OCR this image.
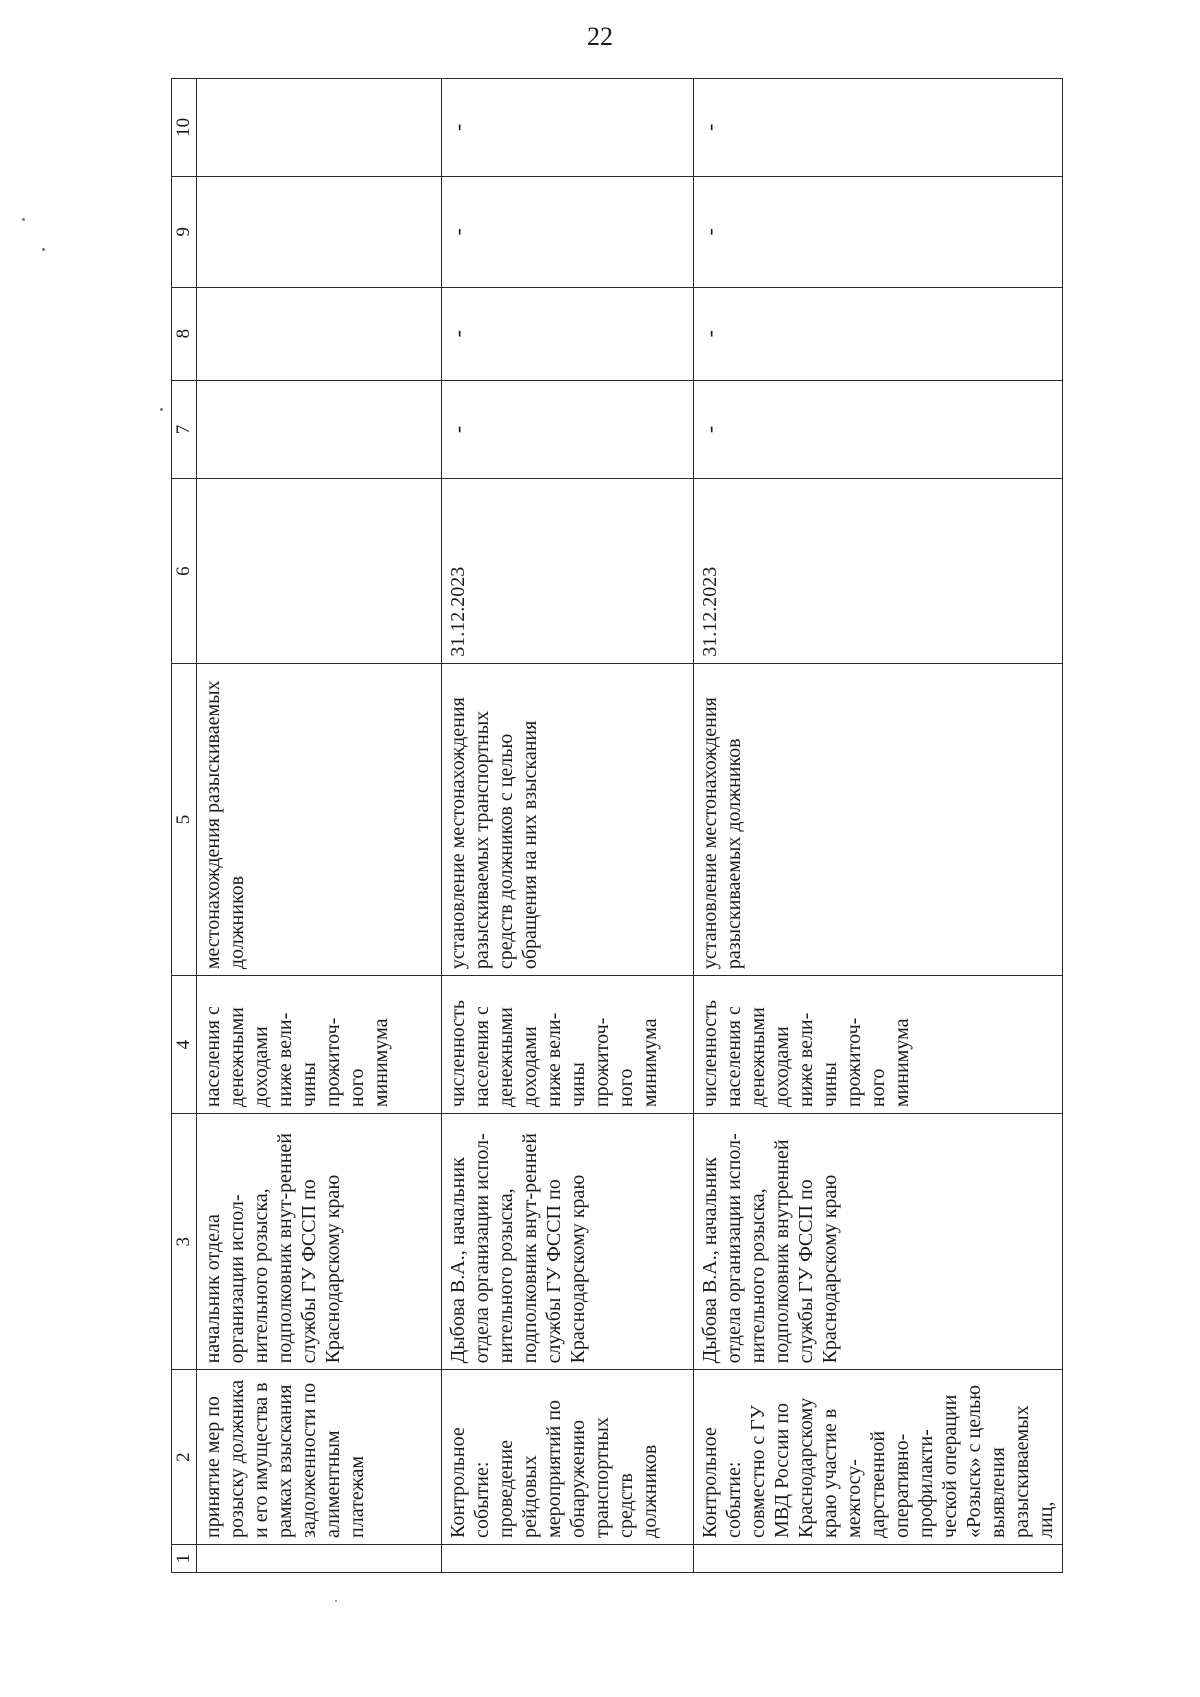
22
1	2	3	4	5	6	7	8	9	10
	принятие мер по розыску должника и его имущества в рамках взыскания задолженности по алиментным платежам	начальник отдела организации испол-нительного розыска, подполковник внут-ренней службы ГУ ФССП по Краснодарскому краю	населения с денежными доходами ниже вели-чины прожиточ-ного минимума	местонахождения разыскиваемых должников					
	Контрольное событие: проведение рейдовых мероприятий по обнаружению транспортных средств должников	Дыбова В.А., начальник отдела организации испол-нительного розыска, подполковник внут-ренней службы ГУ ФССП по Краснодарскому краю	численность населения с денежными доходами ниже вели-чины прожиточ-ного минимума	установление местонахождения разыскиваемых транспортных средств должников с целью обращения на них взыскания	31.12.2023	-	-	-	-
	Контрольное событие: совместно с ГУ МВД России по Краснодарскому краю участие в межгосу-дарственной оперативно-профилакти-ческой операции «Розыск» с целью выявления разыскиваемых лиц,	Дыбова В.А., начальник отдела организации испол-нительного розыска, подполковник внутренней службы ГУ ФССП по Краснодарскому краю	численность населения с денежными доходами ниже вели-чины прожиточ-ного минимума	установление местонахождения разыскиваемых должников	31.12.2023	-	-	-	-
